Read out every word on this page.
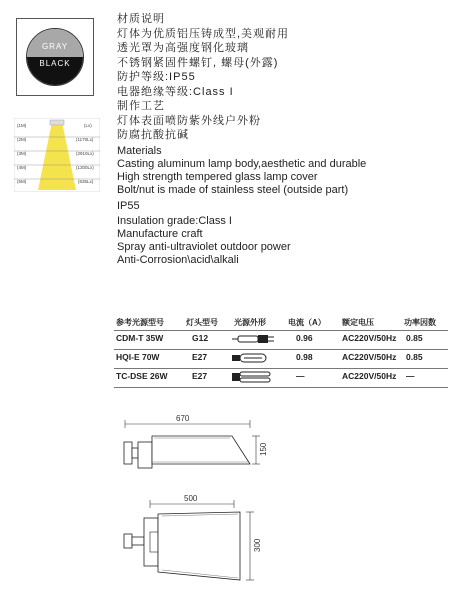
GRAY
BLACK
(1M)	(Lx)
(2M)	(1170Lx)
(3M)	(2910Lx)
(4M)	(1300Lx)
(5M)	(635Lx)
材质说明
灯体为优质铝压铸成型,美观耐用
透光罩为高强度钢化玻璃
不锈钢紧固件螺钉, 螺母(外露)
防护等级:IP55
电器绝缘等级:Class I
制作工艺
灯体表面喷防紫外线户外粉
防腐抗酸抗碱
Materials
Casting aluminum lamp body,aesthetic and durable
High strength tempered glass lamp cover
Bolt/nut is made of stainless steel (outside part)
IP55
Insulation grade:Class I
Manufacture craft
Spray anti-ultraviolet outdoor power
Anti-Corrosion\acid\alkali
参考光源型号	灯头型号 光源外形	电流（A） 额定电压	功率因数
CDM-T 35W	G12	0.96	AC220V/50Hz 0.85
HQI-E 70W	E27	0.98	AC220V/50Hz 0.85
TC-DSE 26W	E27	—	AC220V/50Hz —
670
150
500
300
